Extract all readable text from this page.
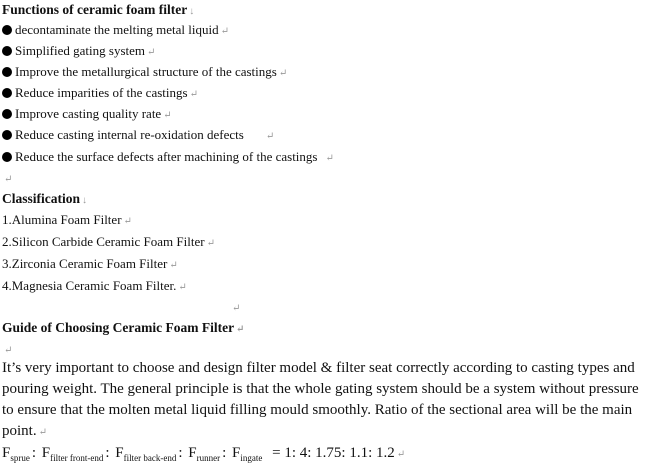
Functions of ceramic foam filter ↓
decontaminate the melting metal liquid ↵
Simplified gating system ↵
Improve the metallurgical structure of the castings ↵
Reduce imparities of the castings ↵
Improve casting quality rate ↵
Reduce casting internal re-oxidation defects ↵
Reduce the surface defects after machining of the castings ↵
↵
Classification ↓
1.Alumina Foam Filter ↵
2.Silicon Carbide Ceramic Foam Filter ↵
3.Zirconia Ceramic Foam Filter ↵
4.Magnesia Ceramic Foam Filter. ↵
↵
Guide of Choosing Ceramic Foam Filter ↵
↵
It’s very important to choose and design filter model & filter seat correctly according to casting types and pouring weight. The general principle is that the whole gating system should be a system without pressure to ensure that the molten metal liquid filling mould smoothly. Ratio of the sectional area will be the main point. ↵
$F_{sprue}$ : $F_{filter front-end}$ : $F_{filter back-end}$ : $F_{runner}$ : $F_{ingate} = 1$: 4: 1.75: 1.1: 1.2 ↵
